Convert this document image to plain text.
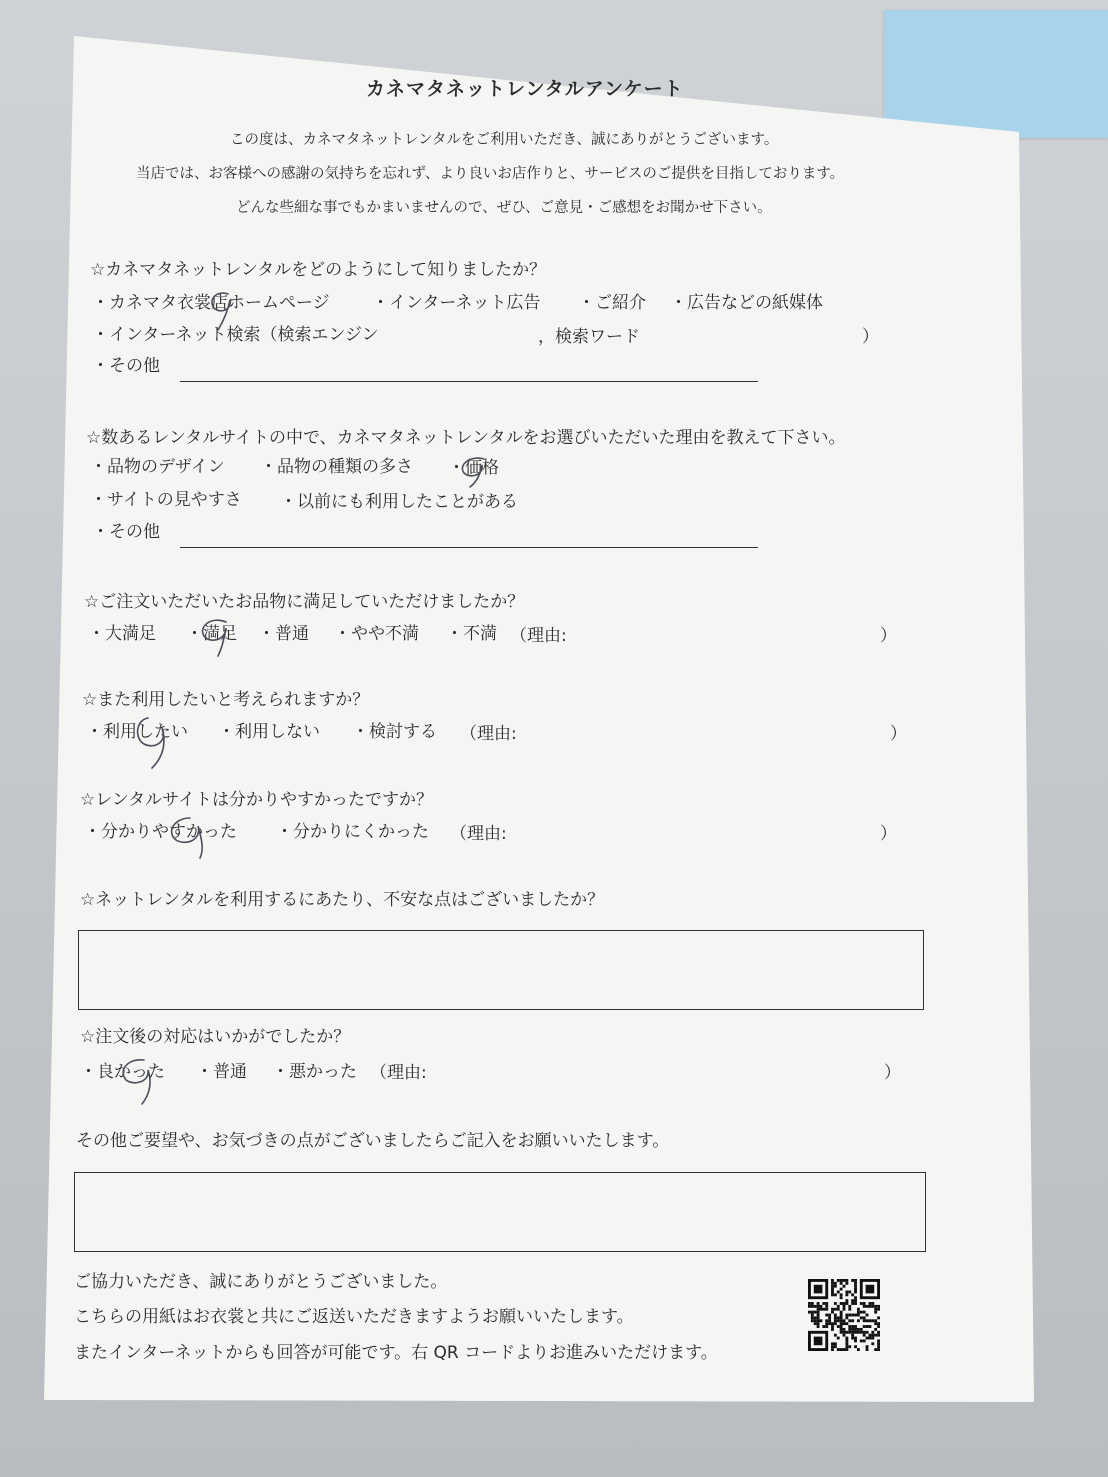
カネマタネットレンタルアンケート
この度は、カネマタネットレンタルをご利用いただき、誠にありがとうございます。
当店では、お客様への感謝の気持ちを忘れず、より良いお店作りと、サービスのご提供を目指しております。
どんな些細な事でもかまいませんので、ぜひ、ご意見・ご感想をお聞かせ下さい。
☆カネマタネットレンタルをどのようにして知りましたか？
・カネマタ衣裳店ホームページ ・インターネット広告 ・ご紹介 ・広告などの紙媒体
・インターネット検索（検索エンジン	，検索ワード	）
・その他
☆数あるレンタルサイトの中で、カネマタネットレンタルをお選びいただいた理由を教えて下さい。
・品物のデザイン ・品物の種類の多さ ・価格
・サイトの見やすさ ・以前にも利用したことがある
・その他
☆ご注文いただいたお品物に満足していただけましたか？
・大満足 ・満足 ・普通 ・やや不満 ・不満 （理由:	）
☆また利用したいと考えられますか？
・利用したい ・利用しない ・検討する （理由:	）
☆レンタルサイトは分かりやすかったですか？
・分かりやすかった ・分かりにくかった （理由:	）
☆ネットレンタルを利用するにあたり、不安な点はございましたか？
☆注文後の対応はいかがでしたか？
・良かった ・普通 ・悪かった （理由:	）
その他ご要望や、お気づきの点がございましたらご記入をお願いいたします。
ご協力いただき、誠にありがとうございました。
こちらの用紙はお衣裳と共にご返送いただきますようお願いいたします。
またインターネットからも回答が可能です。右 QR コードよりお進みいただけます。
